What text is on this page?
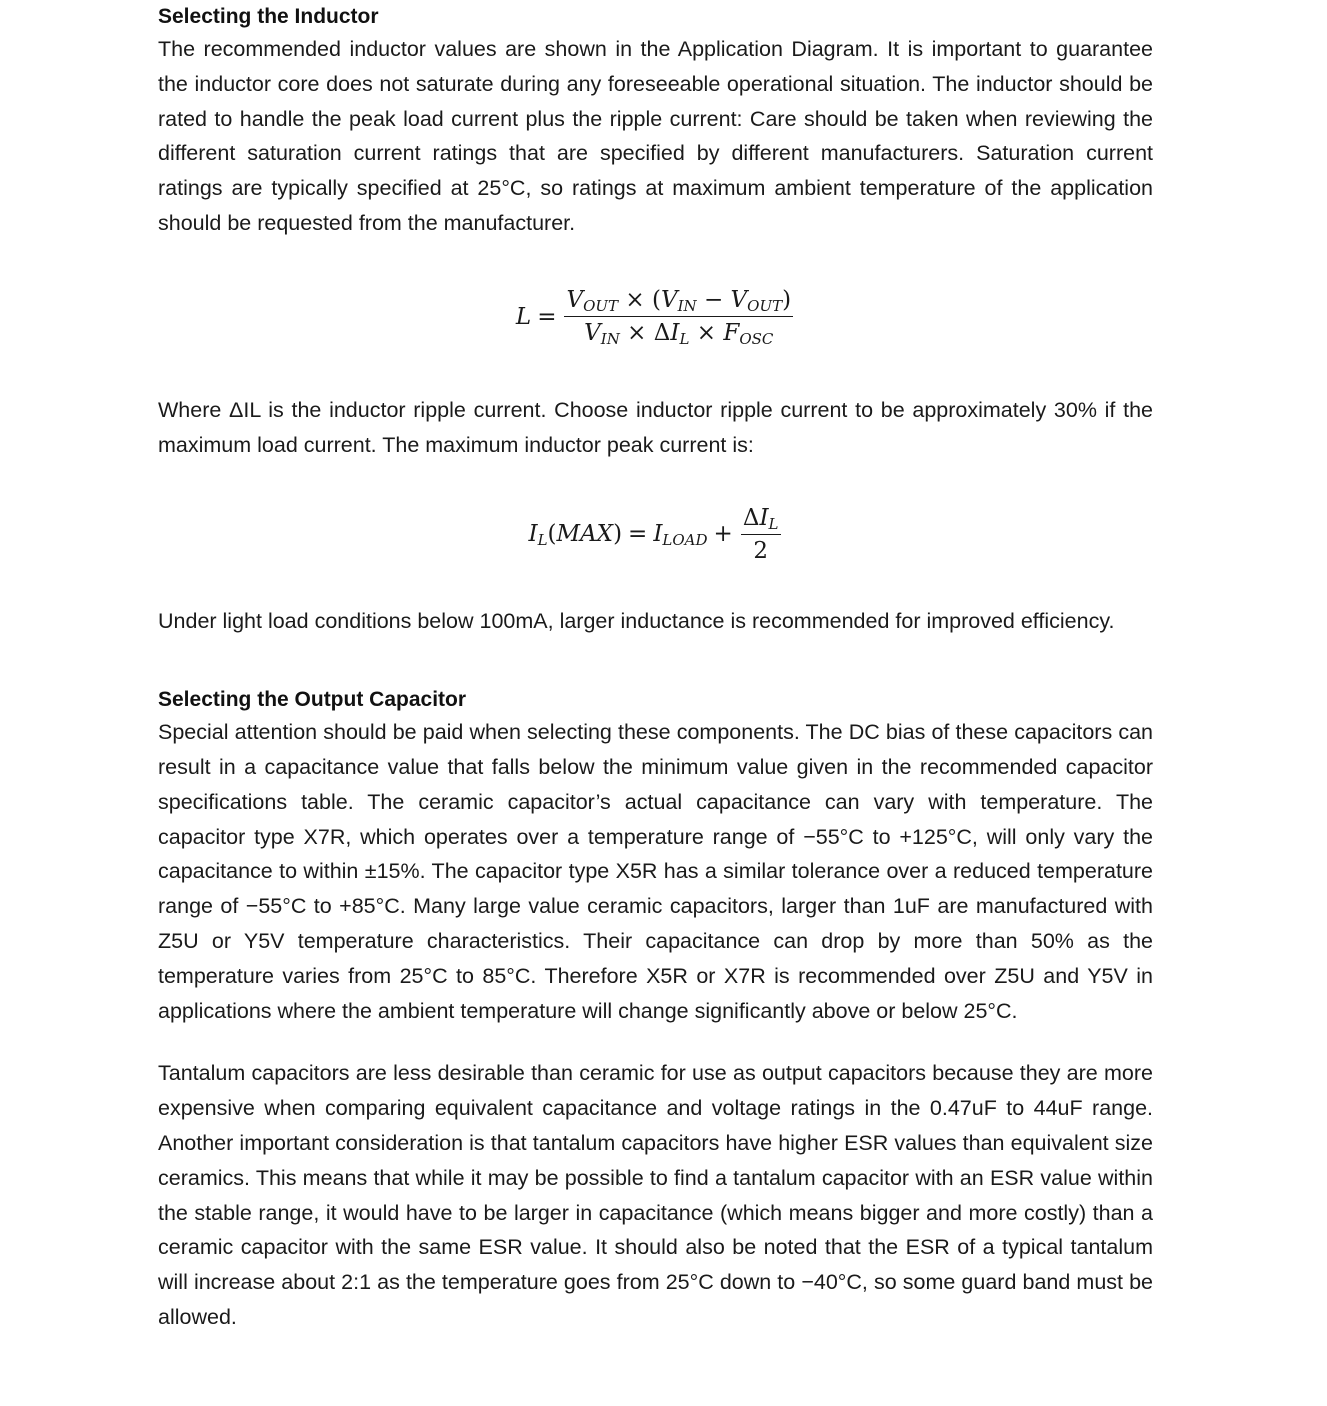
Selecting the Inductor

The recommended inductor values are shown in the Application Diagram. It is important to guarantee the inductor core does not saturate during any foreseeable operational situation. The inductor should be rated to handle the peak load current plus the ripple current: Care should be taken when reviewing the different saturation current ratings that are specified by different manufacturers. Saturation current ratings are typically specified at 25°C, so ratings at maximum ambient temperature of the application should be requested from the manufacturer.

$L = \frac{V_{OUT} \times (V_{IN} - V_{OUT})}{V_{IN} \times \Delta I_L \times F_{OSC}}$

Where ΔIL is the inductor ripple current. Choose inductor ripple current to be approximately 30% if the maximum load current. The maximum inductor peak current is:

$I_L(MAX) = I_{LOAD} + \frac{\Delta I_L}{2}$

Under light load conditions below 100mA, larger inductance is recommended for improved efficiency.

Selecting the Output Capacitor

Special attention should be paid when selecting these components. The DC bias of these capacitors can result in a capacitance value that falls below the minimum value given in the recommended capacitor specifications table. The ceramic capacitor’s actual capacitance can vary with temperature. The capacitor type X7R, which operates over a temperature range of −55°C to +125°C, will only vary the capacitance to within ±15%. The capacitor type X5R has a similar tolerance over a reduced temperature range of −55°C to +85°C. Many large value ceramic capacitors, larger than 1uF are manufactured with Z5U or Y5V temperature characteristics. Their capacitance can drop by more than 50% as the temperature varies from 25°C to 85°C. Therefore X5R or X7R is recommended over Z5U and Y5V in applications where the ambient temperature will change significantly above or below 25°C.

Tantalum capacitors are less desirable than ceramic for use as output capacitors because they are more expensive when comparing equivalent capacitance and voltage ratings in the 0.47uF to 44uF range. Another important consideration is that tantalum capacitors have higher ESR values than equivalent size ceramics. This means that while it may be possible to find a tantalum capacitor with an ESR value within the stable range, it would have to be larger in capacitance (which means bigger and more costly) than a ceramic capacitor with the same ESR value. It should also be noted that the ESR of a typical tantalum will increase about 2:1 as the temperature goes from 25°C down to −40°C, so some guard band must be allowed.
